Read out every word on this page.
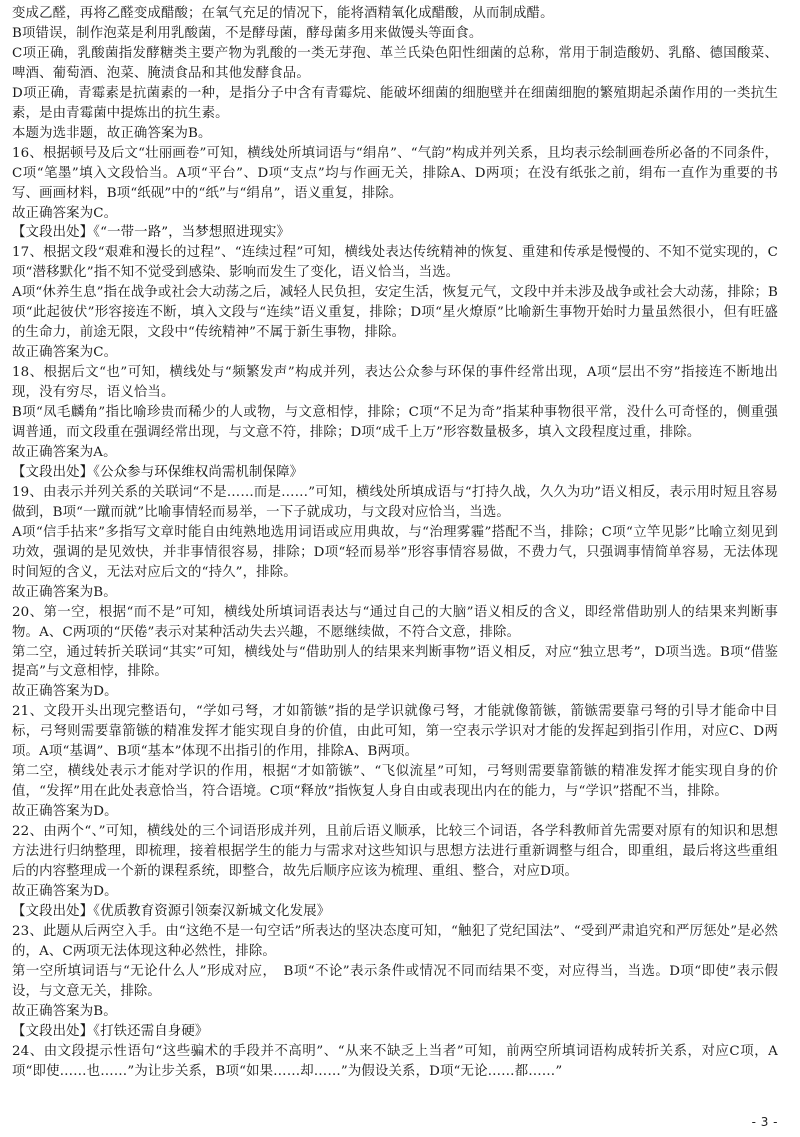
变成乙醛，再将乙醛变成醋酸；在氧气充足的情况下，能将酒精氧化成醋酸，从而制成醋。

B项错误，制作泡菜是利用乳酸菌，不是酵母菌，酵母菌多用来做馒头等面食。

C项正确，乳酸菌指发酵糖类主要产物为乳酸的一类无芽孢、革兰氏染色阳性细菌的总称，常用于制造酸奶、乳酪、德国酸菜、啤酒、葡萄酒、泡菜、腌渍食品和其他发酵食品。

D项正确，青霉素是抗菌素的一种，是指分子中含有青霉烷、能破坏细菌的细胞壁并在细菌细胞的繁殖期起杀菌作用的一类抗生素，是由青霉菌中提炼出的抗生素。

本题为选非题，故正确答案为B。

16、根据顿号及后文“壮丽画卷”可知，横线处所填词语与“绢帛”、“气韵”构成并列关系，且均表示绘制画卷所必备的不同条件，C项“笔墨”填入文段恰当。A项“平台”、D项“支点”均与作画无关，排除A、D两项；在没有纸张之前，绢布一直作为重要的书写、画画材料，B项“纸砚”中的“纸”与“绢帛”，语义重复，排除。

故正确答案为C。

【文段出处】《“一带一路”，当梦想照进现实》

17、根据文段“艰难和漫长的过程”、“连续过程”可知，横线处表达传统精神的恢复、重建和传承是慢慢的、不知不觉实现的，C项“潜移默化”指不知不觉受到感染、影响而发生了变化，语义恰当，当选。

A项“休养生息”指在战争或社会大动荡之后，减轻人民负担，安定生活，恢复元气，文段中并未涉及战争或社会大动荡，排除；B项“此起彼伏”形容接连不断，填入文段与“连续”语义重复，排除；D项“星火燎原”比喻新生事物开始时力量虽然很小，但有旺盛的生命力，前途无限，文段中“传统精神”不属于新生事物，排除。

故正确答案为C。

18、根据后文“也”可知，横线处与“频繁发声”构成并列，表达公众参与环保的事件经常出现，A项“层出不穷”指接连不断地出现，没有穷尽，语义恰当。

B项“凤毛麟角”指比喻珍贵而稀少的人或物，与文意相悖，排除；C项“不足为奇”指某种事物很平常，没什么可奇怪的，侧重强调普通，而文段重在强调经常出现，与文意不符，排除；D项“成千上万”形容数量极多，填入文段程度过重，排除。

故正确答案为A。

【文段出处】《公众参与环保维权尚需机制保障》

19、由表示并列关系的关联词“不是……而是……”可知，横线处所填成语与“打持久战，久久为功”语义相反，表示用时短且容易做到，B项“一蹴而就”比喻事情轻而易举，一下子就成功，与文段对应恰当，当选。

A项“信手拈来”多指写文章时能自由纯熟地选用词语或应用典故，与“治理雾霾”搭配不当，排除；C项“立竿见影”比喻立刻见到功效，强调的是见效快，并非事情很容易，排除；D项“轻而易举”形容事情容易做，不费力气，只强调事情简单容易，无法体现时间短的含义，无法对应后文的“持久”，排除。

故正确答案为B。

20、第一空，根据“而不是”可知，横线处所填词语表达与“通过自己的大脑”语义相反的含义，即经常借助别人的结果来判断事物。A、C两项的“厌倦”表示对某种活动失去兴趣，不愿继续做，不符合文意，排除。

第二空，通过转折关联词“其实”可知，横线处与“借助别人的结果来判断事物”语义相反，对应“独立思考”，D项当选。B项“借鉴提高”与文意相悖，排除。

故正确答案为D。

21、文段开头出现完整语句，“学如弓弩，才如箭镞”指的是学识就像弓弩，才能就像箭镞，箭镞需要靠弓弩的引导才能命中目标，弓弩则需要靠箭镞的精准发挥才能实现自身的价值，由此可知，第一空表示学识对才能的发挥起到指引作用，对应C、D两项。A项“基调”、B项“基本”体现不出指引的作用，排除A、B两项。

第二空，横线处表示才能对学识的作用，根据“才如箭镞”、“飞似流星”可知，弓弩则需要靠箭镞的精准发挥才能实现自身的价值，“发挥”用在此处表意恰当，符合语境。C项“释放”指恢复人身自由或表现出内在的能力，与“学识”搭配不当，排除。

故正确答案为D。

22、由两个“、”可知，横线处的三个词语形成并列，且前后语义顺承，比较三个词语，各学科教师首先需要对原有的知识和思想方法进行归纳整理，即梳理，接着根据学生的能力与需求对这些知识与思想方法进行重新调整与组合，即重组，最后将这些重组后的内容整理成一个新的课程系统，即整合，故先后顺序应该为梳理、重组、整合，对应D项。

故正确答案为D。

【文段出处】《优质教育资源引领秦汉新城文化发展》

23、此题从后两空入手。由“这绝不是一句空话”所表达的坚决态度可知，“触犯了党纪国法”、“受到严肃追究和严厉惩处”是必然的，A、C两项无法体现这种必然性，排除。

第一空所填词语与“无论什么人”形成对应，　B项“不论”表示条件或情况不同而结果不变，对应得当，当选。D项“即使”表示假设，与文意无关，排除。

故正确答案为B。

【文段出处】《打铁还需自身硬》

24、由文段提示性语句“这些骗术的手段并不高明”、“从来不缺乏上当者”可知，前两空所填词语构成转折关系，对应C项，A项“即使……也……”为让步关系，B项“如果……却……”为假设关系，D项“无论……都……”

- 3 -
